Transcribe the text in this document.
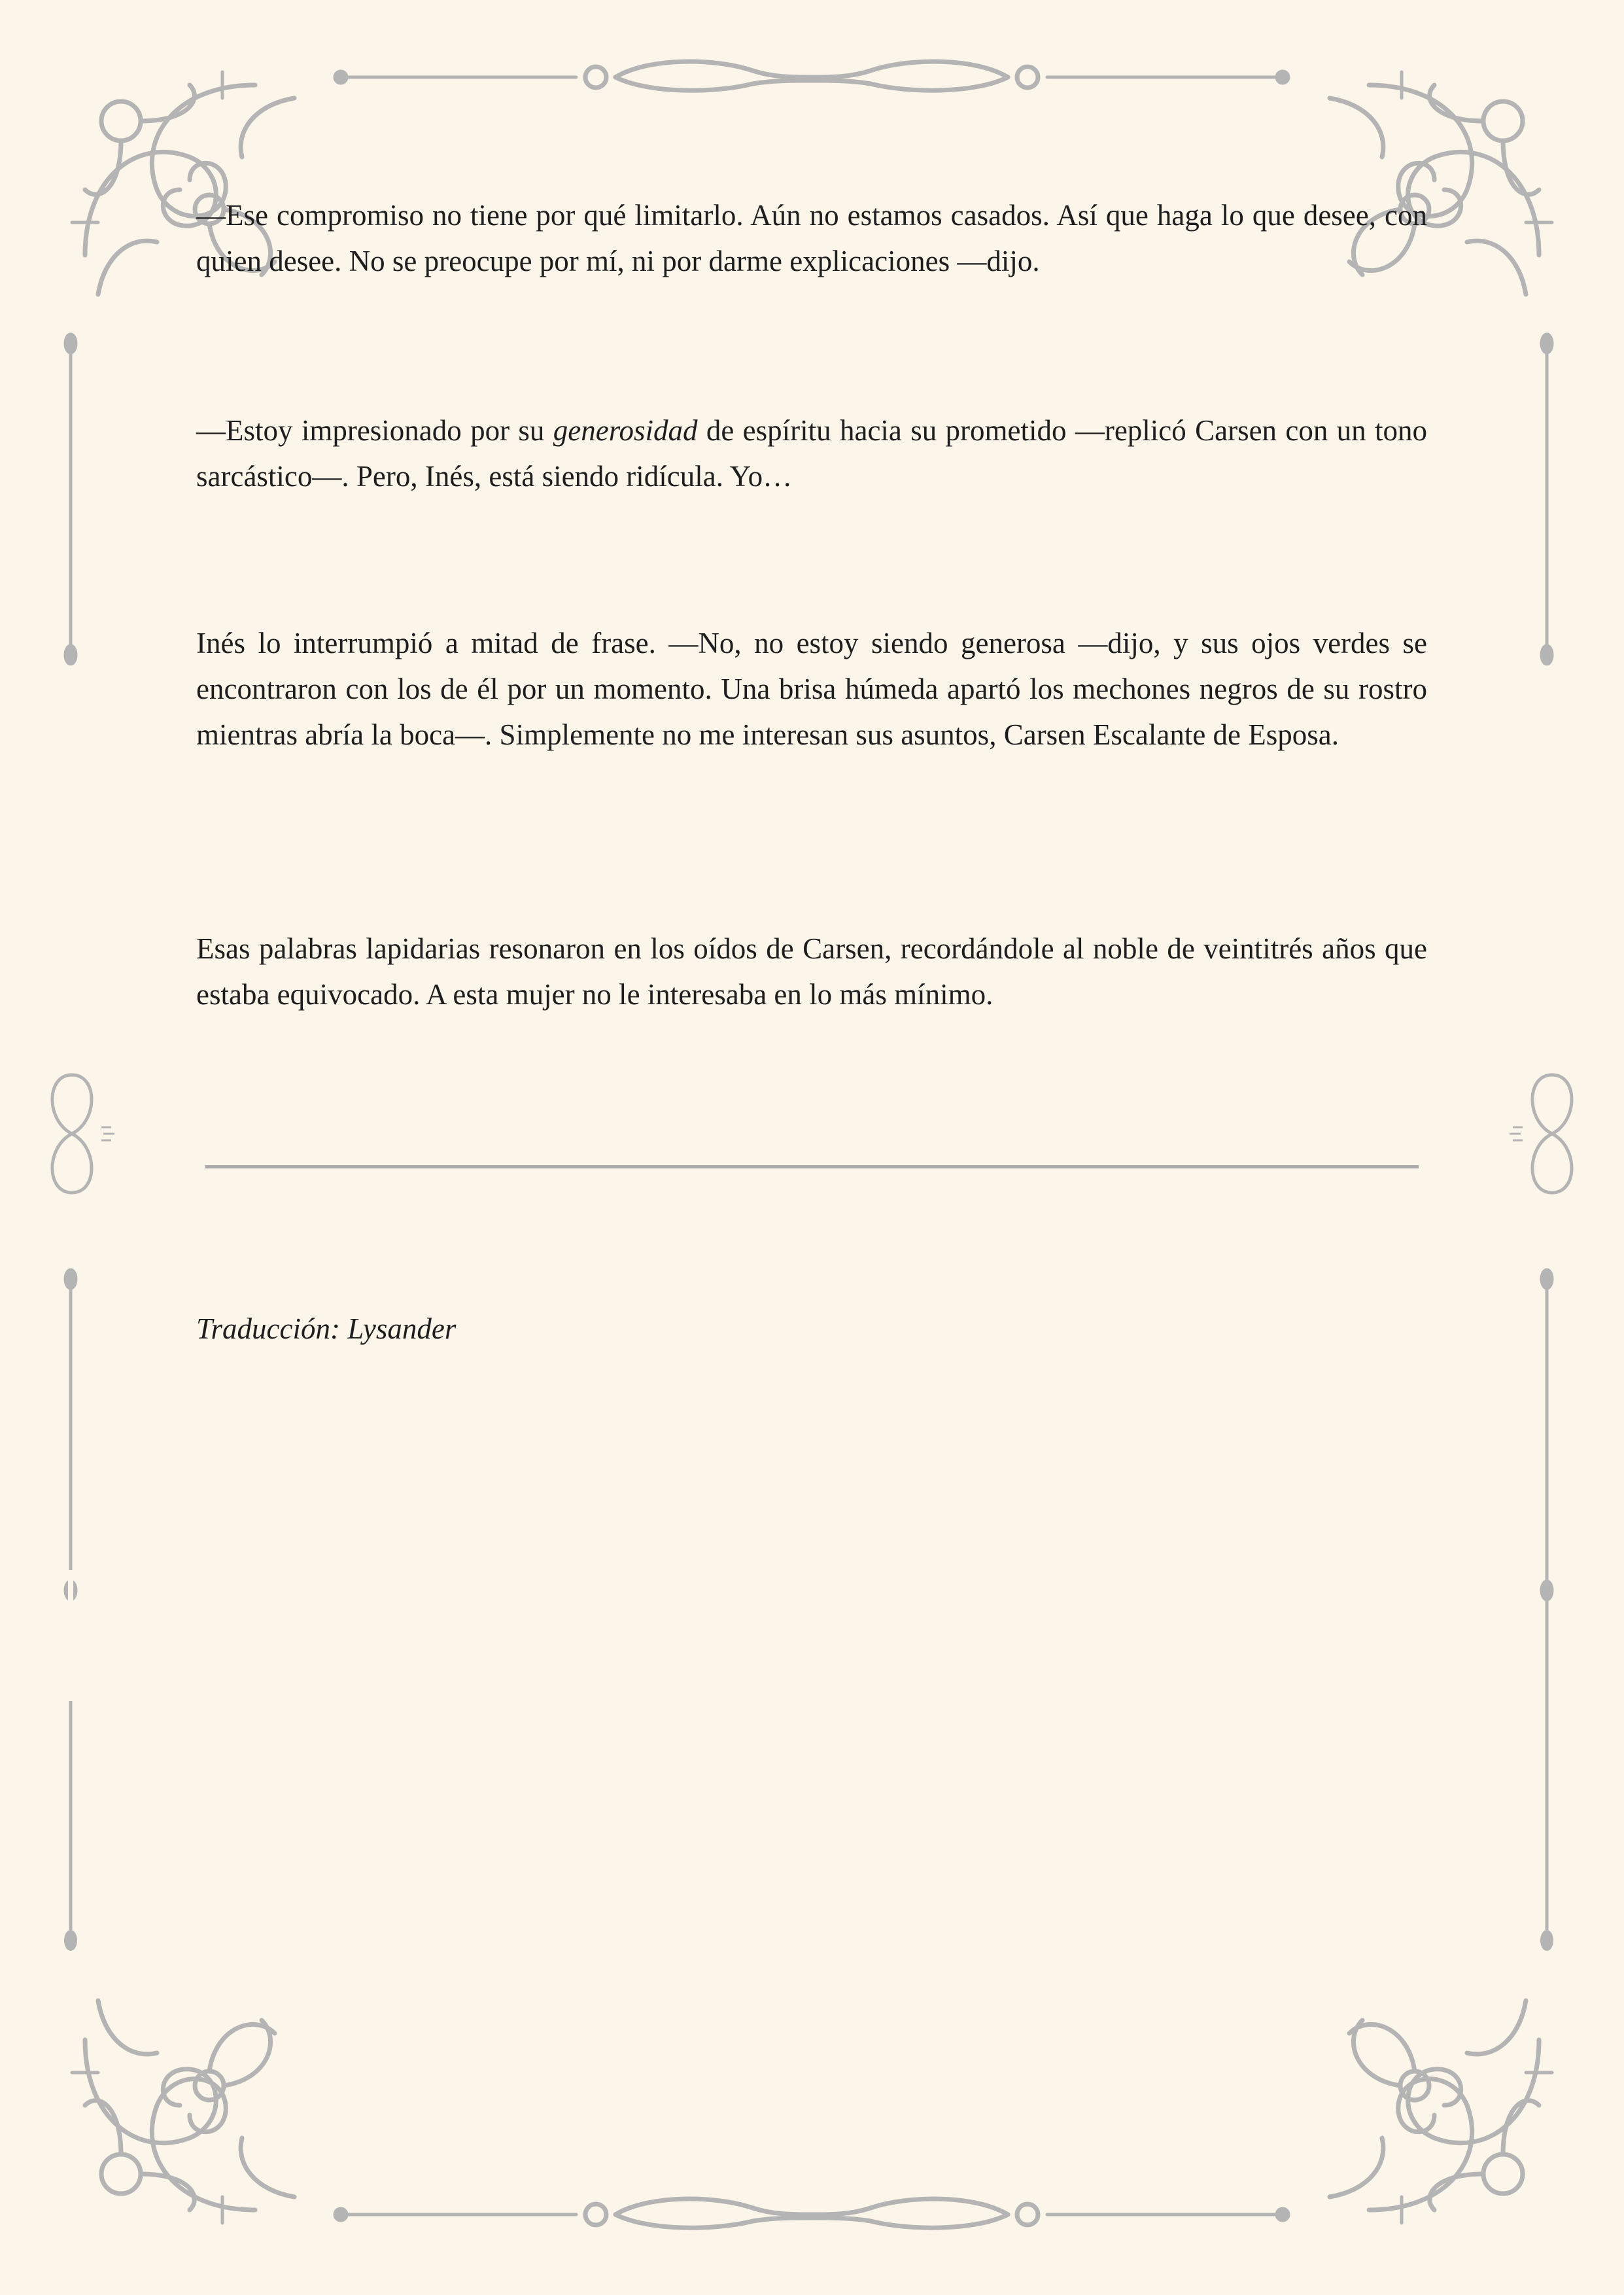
—Ese compromiso no tiene por qué limitarlo. Aún no estamos casados. Así que haga lo que desee, con quien desee. No se preocupe por mí, ni por darme explicaciones —dijo.

—Estoy impresionado por su generosidad de espíritu hacia su prometido —replicó Carsen con un tono sarcástico—. Pero, Inés, está siendo ridícula. Yo…

Inés lo interrumpió a mitad de frase. —No, no estoy siendo generosa —dijo, y sus ojos verdes se encontraron con los de él por un momento. Una brisa húmeda apartó los mechones negros de su rostro mientras abría la boca—. Simplemente no me interesan sus asuntos, Carsen Escalante de Esposa.

Esas palabras lapidarias resonaron en los oídos de Carsen, recordándole al noble de veintitrés años que estaba equivocado. A esta mujer no le interesaba en lo más mínimo.

Traducción: Lysander
